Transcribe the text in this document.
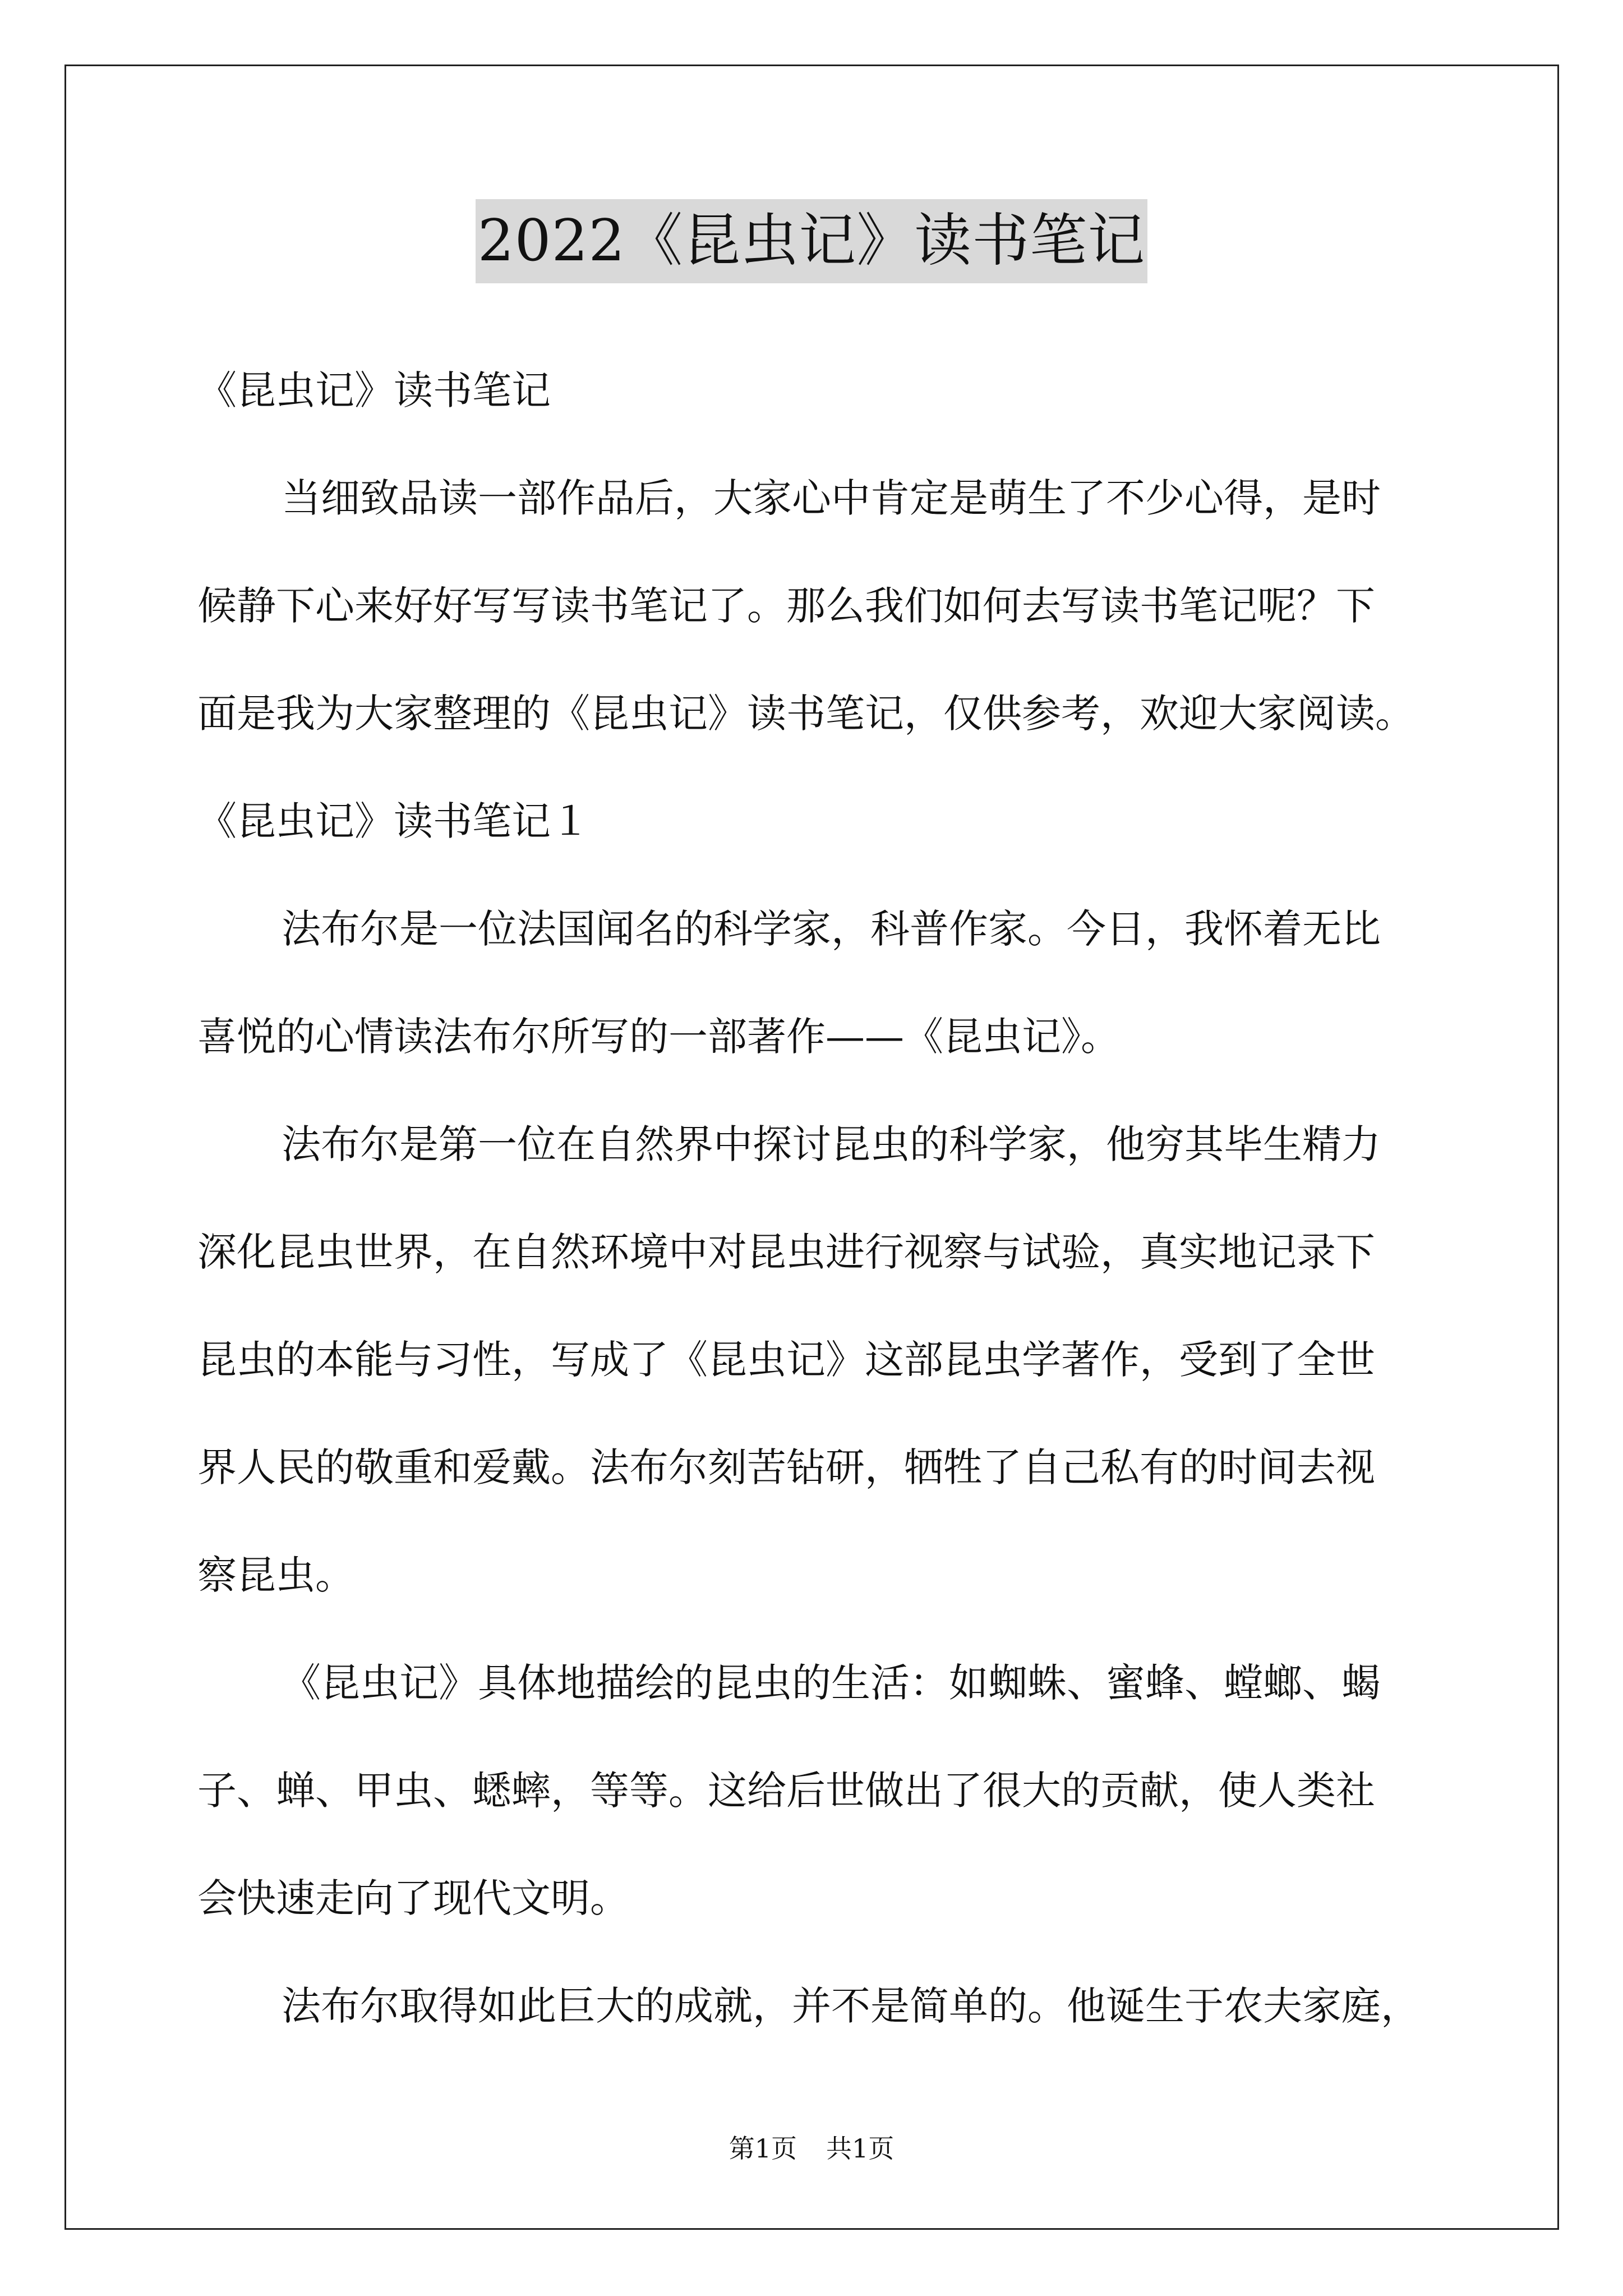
2022《昆虫记》读书笔记
《昆虫记》读书笔记
当细致品读一部作品后，大家心中肯定是萌生了不少心得，是时
候静下心来好好写写读书笔记了。那么我们如何去写读书笔记呢？下
面是我为大家整理的《昆虫记》读书笔记，仅供参考，欢迎大家阅读。
《昆虫记》读书笔记１
法布尔是一位法国闻名的科学家，科普作家。今日，我怀着无比
喜悦的心情读法布尔所写的一部著作——《昆虫记》。
法布尔是第一位在自然界中探讨昆虫的科学家，他穷其毕生精力
深化昆虫世界，在自然环境中对昆虫进行视察与试验，真实地记录下
昆虫的本能与习性，写成了《昆虫记》这部昆虫学著作，受到了全世
界人民的敬重和爱戴。法布尔刻苦钻研，牺牲了自己私有的时间去视
察昆虫。
《昆虫记》具体地描绘的昆虫的生活：如蜘蛛、蜜蜂、螳螂、蝎
子、蝉、甲虫、蟋蟀，等等。这给后世做出了很大的贡献，使人类社
会快速走向了现代文明。
法布尔取得如此巨大的成就，并不是简单的。他诞生于农夫家庭，
第1页 共1页
